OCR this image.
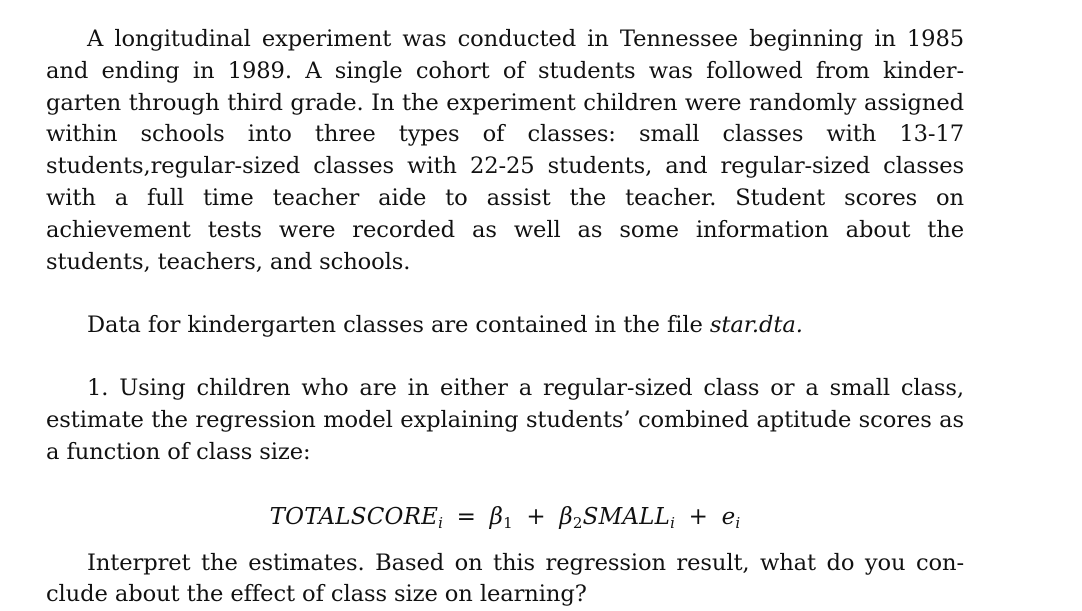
A longitudinal experiment was conducted in Tennessee beginning in 1985 and ending in 1989. A single cohort of students was followed from kinder-garten through third grade. In the experiment children were randomly assigned within schools into three types of classes: small classes with 13-17 students,regular-sized classes with 22-25 students, and regular-sized classes with a full time teacher aide to assist the teacher. Student scores on achievement tests were recorded as well as some information about the students, teachers, and schools.

Data for kindergarten classes are contained in the file star.dta.

1. Using children who are in either a regular-sized class or a small class, estimate the regression model explaining students’ combined aptitude scores as a function of class size:

$TOTALSCORE_i = \beta 1$ + $\beta 2SMALL_i + e_i$

Interpret the estimates. Based on this regression result, what do you con-clude about the effect of class size on learning?
